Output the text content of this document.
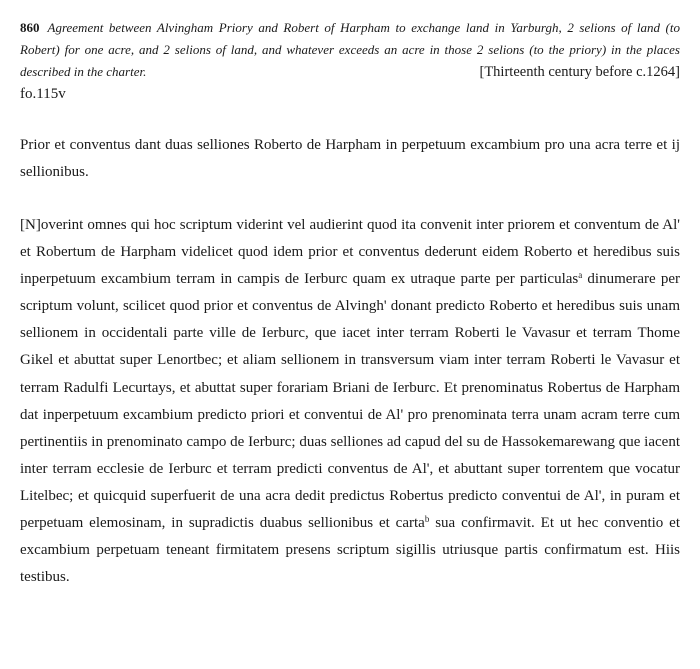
860 Agreement between Alvingham Priory and Robert of Harpham to exchange land in Yarburgh, 2 selions of land (to Robert) for one acre, and 2 selions of land, and whatever exceeds an acre in those 2 selions (to the priory) in the places described in the charter.	[Thirteenth century before c.1264]

fo.115v

Prior et conventus dant duas selliones Roberto de Harpham in perpetuum excambium pro una acra terre et ij sellionibus.

[N]overint omnes qui hoc scriptum viderint vel audierint quod ita convenit inter priorem et conventum de Al' et Robertum de Harpham videlicet quod idem prior et conventus dederunt eidem Roberto et heredibus suis inperpetuum excambium terram in campis de Ierburc quam ex utraque parte per particulas$^a$ dinumerare per scriptum volunt, scilicet quod prior et conventus de Alvingh' donant predicto Roberto et heredibus suis unam sellionem in occidentali parte ville de Ierburc, que iacet inter terram Roberti le Vavasur et terram Thome Gikel et abuttat super Lenortbec; et aliam sellionem in transversum viam inter terram Roberti le Vavasur et terram Radulfi Lecurtays, et abuttat super forariam Briani de Ierburc. Et prenominatus Robertus de Harpham dat inperpetuum excambium predicto priori et conventui de Al' pro prenominata terra unam acram terre cum pertinentiis in prenominato campo de Ierburc; duas selliones ad capud del su de Hassokemarewang que iacent inter terram ecclesie de Ierburc et terram predicti conventus de Al', et abuttant super torrentem que vocatur Litelbec; et quicquid superfuerit de una acra dedit predictus Robertus predicto conventui de Al', in puram et perpetuam elemosinam, in supradictis duabus sellionibus et carta$^b$ sua confirmavit. Et ut hec conventio et excambium perpetuam teneant firmitatem presens scriptum sigillis utriusque partis confirmatum est. Hiis testibus.
